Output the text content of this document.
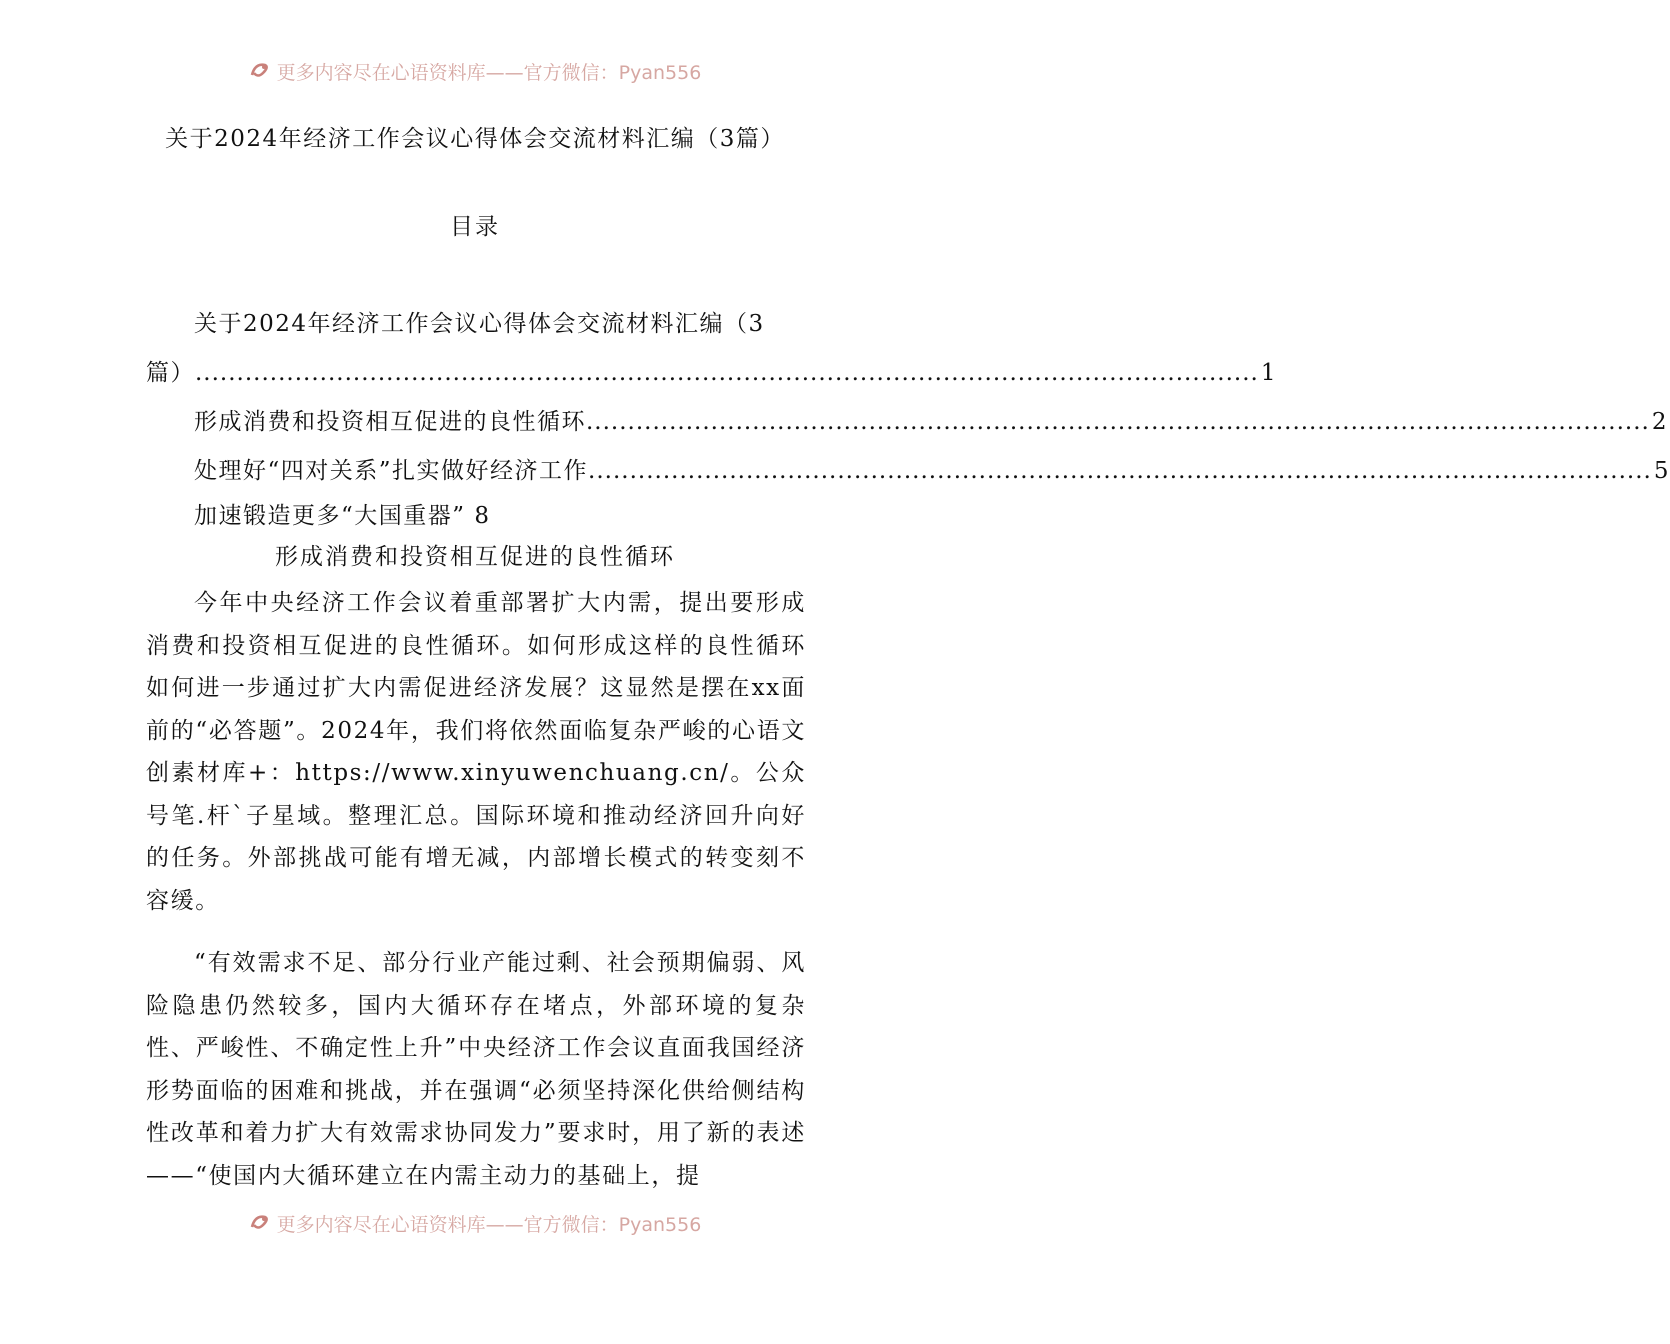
更多内容尽在心语资料库——官方微信：Pyan556
关于2024年经济工作会议心得体会交流材料汇编（3篇）
目录
关于2024年经济工作会议心得体会交流材料汇编（3
篇） ................................................................................................................................ 1
形成消费和投资相互促进的良性循环 ................................................................................................................................ 2
处理好“四对关系”扎实做好经济工作 ................................................................................................................................ 5
加速锻造更多“大国重器” 8
形成消费和投资相互促进的良性循环

今年中央经济工作会议着重部署扩大内需，提出要形成消费和投资相互促进的良性循环。如何形成这样的良性循环如何进一步通过扩大内需促进经济发展？这显然是摆在xx面前的“必答题”。2024年，我们将依然面临复杂严峻的心语文创素材库+：https://www.xinyuwenchuang.cn/。公众号笔.杆`子星域。整理汇总。国际环境和推动经济回升向好的任务。外部挑战可能有增无减，内部增长模式的转变刻不容缓。

“有效需求不足、部分行业产能过剩、社会预期偏弱、风险隐患仍然较多，国内大循环存在堵点，外部环境的复杂性、严峻性、不确定性上升”中央经济工作会议直面我国经济形势面临的困难和挑战，并在强调“必须坚持深化供给侧结构性改革和着力扩大有效需求协同发力”要求时，用了新的表述——“使国内大循环建立在内需主动力的基础上，提

更多内容尽在心语资料库——官方微信：Pyan556
